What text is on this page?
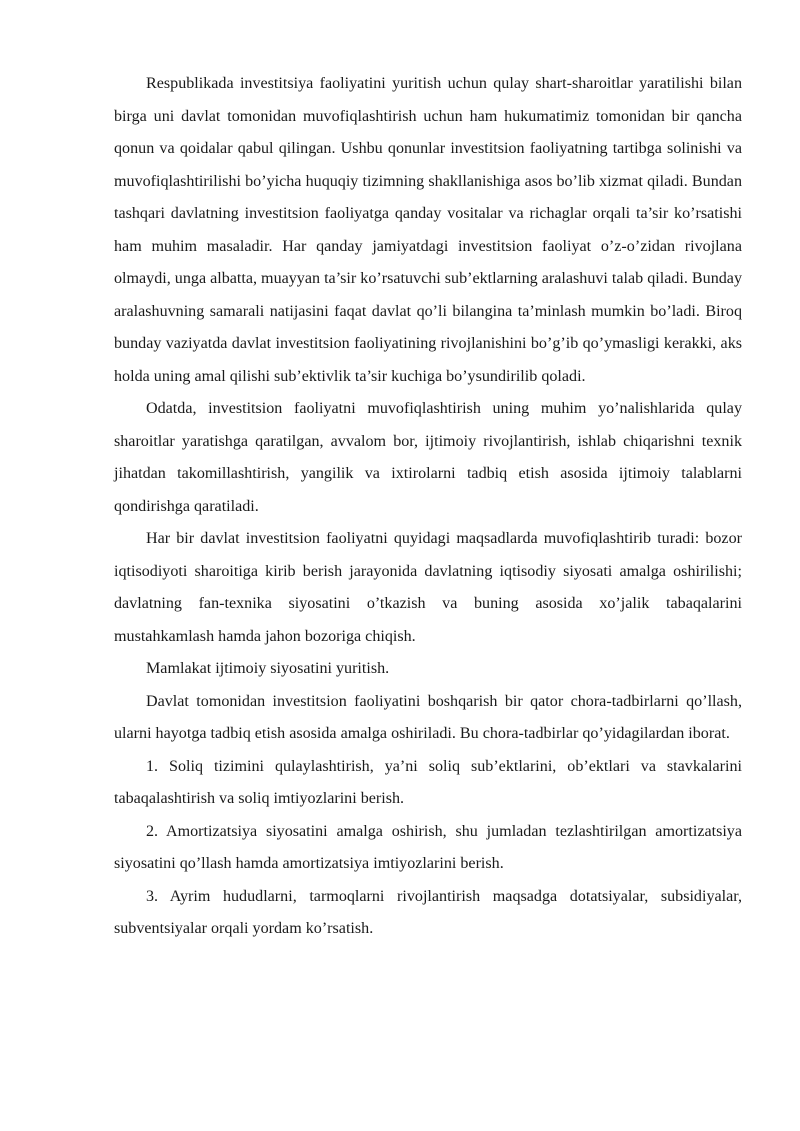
Respublikada investitsiya faoliyatini yuritish uchun qulay shart-sharoitlar yaratilishi bilan birga uni davlat tomonidan muvofiqlashtirish uchun ham hukumatimiz tomonidan bir qancha qonun va qoidalar qabul qilingan. Ushbu qonunlar investitsion faoliyatning tartibga solinishi va muvofiqlashtirilishi bo’yicha huquqiy tizimning shakllanishiga asos bo’lib xizmat qiladi. Bundan tashqari davlatning investitsion faoliyatga qanday vositalar va richaglar orqali ta’sir ko’rsatishi ham muhim masaladir. Har qanday jamiyatdagi investitsion faoliyat o’z-o’zidan rivojlana olmaydi, unga albatta, muayyan ta’sir ko’rsatuvchi sub’ektlarning aralashuvi talab qiladi. Bunday aralashuvning samarali natijasini faqat davlat qo’li bilangina ta’minlash mumkin bo’ladi. Biroq bunday vaziyatda davlat investitsion faoliyatining rivojlanishini bo’g’ib qo’ymasligi kerakki, aks holda uning amal qilishi sub’ektivlik ta’sir kuchiga bo’ysundirilib qoladi.

Odatda, investitsion faoliyatni muvofiqlashtirish uning muhim yo’nalishlarida qulay sharoitlar yaratishga qaratilgan, avvalom bor, ijtimoiy rivojlantirish, ishlab chiqarishni texnik jihatdan takomillashtirish, yangilik va ixtirolarni tadbiq etish asosida ijtimoiy talablarni qondirishga qaratiladi.

Har bir davlat investitsion faoliyatni quyidagi maqsadlarda muvofiqlashtirib turadi: bozor iqtisodiyoti sharoitiga kirib berish jarayonida davlatning iqtisodiy siyosati amalga oshirilishi; davlatning fan-texnika siyosatini o’tkazish va buning asosida xo’jalik tabaqalarini mustahkamlash hamda jahon bozoriga chiqish.

Mamlakat ijtimoiy siyosatini yuritish.

Davlat tomonidan investitsion faoliyatini boshqarish bir qator chora-tadbirlarni qo’llash, ularni hayotga tadbiq etish asosida amalga oshiriladi. Bu chora-tadbirlar qo’yidagilardan iborat.

1. Soliq tizimini qulaylashtirish, ya’ni soliq sub’ektlarini, ob’ektlari va stavkalarini tabaqalashtirish va soliq imtiyozlarini berish.

2. Amortizatsiya siyosatini amalga oshirish, shu jumladan tezlashtirilgan amortizatsiya siyosatini qo’llash hamda amortizatsiya imtiyozlarini berish.

3. Ayrim hududlarni, tarmoqlarni rivojlantirish maqsadga dotatsiyalar, subsidiyalar, subventsiyalar orqali yordam ko’rsatish.
